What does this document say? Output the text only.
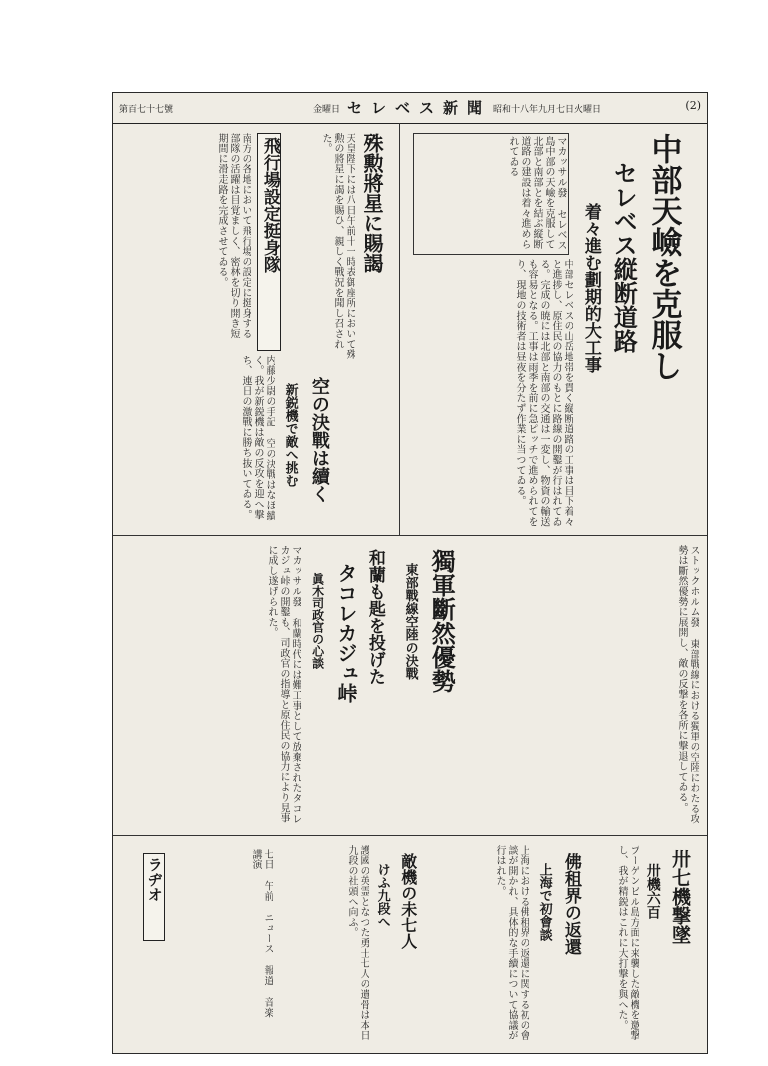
第百七十七號	金曜日 セレベス新聞 昭和十八年九月七日火曜日	(2)
中部天嶮を克服し
セレベス縦断道路
着々進む劃期的大工事
マカッサル發 セレベス島中部の天嶮を克服して北部と南部とを結ぶ縦断道路の建設は着々進められてゐる
中部セレベスの山岳地帯を貫く縦断道路の工事は目下着々と進捗し、原住民の協力のもとに路線の開鑿が行はれてゐる。完成の暁には北部と南部の交通は一変し、物資の輸送も容易となる。工事は雨季を前に急ピッチで進められてをり、現地の技術者は昼夜を分たず作業に当つてゐる。
殊勲將星に賜謁
天皇陛下には八日午前十一時表御座所において殊勲の將星に謁を賜ひ、親しく戰況を聞し召された。
飛行場設定挺身隊
南方の各地において飛行場の設定に挺身する部隊の活躍は目覚ましく、密林を切り開き短期間に滑走路を完成させてゐる。
空の決戰は續く
新鋭機で敵へ挑む
内藤少尉の手記 空の決戰はなほ續く。我が新鋭機は敵の反攻を迎へ撃ち、連日の激戰に勝ち抜いてゐる。
獨軍斷然優勢
東部戰線空陸の決戰	ストックホルム發 東部戰線における獨軍の空陸にわたる攻勢は斷然優勢に展開し、敵の反撃を各所に撃退してゐる。
和蘭も匙を投げた
タコレカジュ峠
眞木司政官の心談
マカッサル發 和蘭時代には難工事として放棄されたタコレカジュ峠の開鑿も、司政官の指導と原住民の協力により見事に成し遂げられた。
卅七機撃墜
卅機六百
ブーゲンビル島方面に来襲した敵機を邀撃し、我が精鋭はこれに大打撃を與へた。
佛租界の返還
上海で初會談
上海における佛租界の返還に関する初の會談が開かれ、具体的な手續について協議が行はれた。
敵機の未七人
けふ九段へ
護國の英霊となつた勇士七人の遺骨は本日九段の社頭へ向ふ。
ラヂオ	七日 午前 ニュース 報道 音楽 講演
